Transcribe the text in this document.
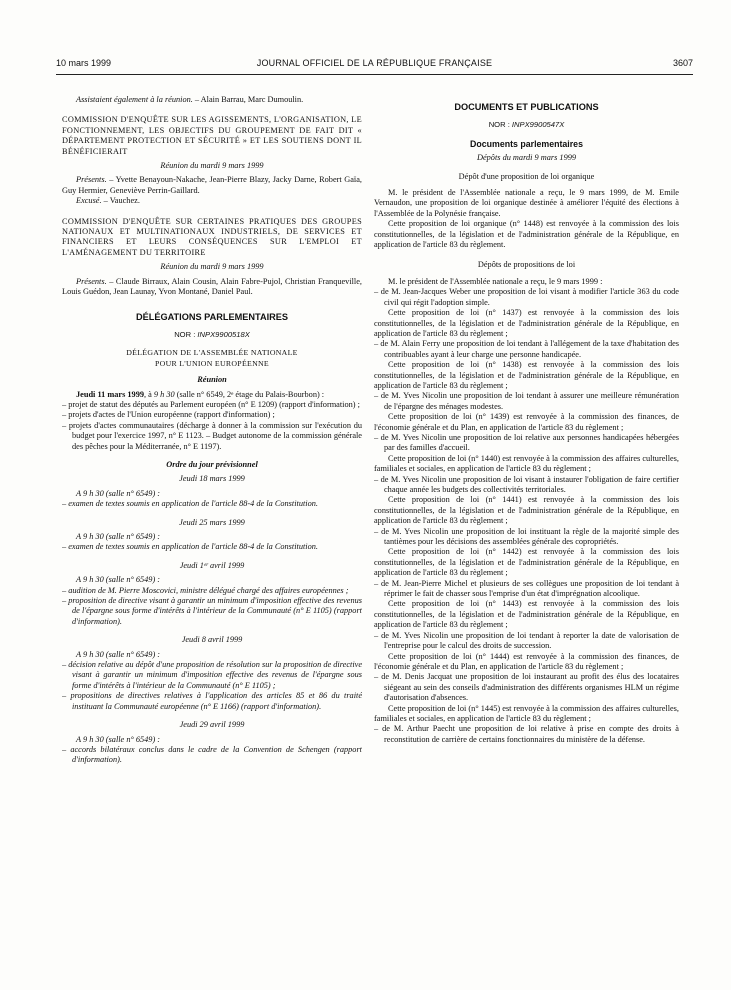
10 mars 1999	JOURNAL OFFICIEL DE LA RÉPUBLIQUE FRANÇAISE	3607

Assistaient également à la réunion. – Alain Barrau, Marc Dumoulin.

COMMISSION D'ENQUÊTE SUR LES AGISSEMENTS, L'ORGANISATION, LE FONCTIONNEMENT, LES OBJECTIFS DU GROUPEMENT DE FAIT DIT « DÉPARTEMENT PROTECTION ET SÉCURITÉ » ET LES SOUTIENS DONT IL BÉNÉFICIERAIT

Réunion du mardi 9 mars 1999

Présents. – Yvette Benayoun-Nakache, Jean-Pierre Blazy, Jacky Darne, Robert Gaïa, Guy Hermier, Geneviève Perrin-Gaillard.

Excusé. – Vauchez.

COMMISSION D'ENQUÊTE SUR CERTAINES PRATIQUES DES GROUPES NATIONAUX ET MULTINATIONAUX INDUSTRIELS, DE SERVICES ET FINANCIERS ET LEURS CONSÉQUENCES SUR L'EMPLOI ET L'AMÉNAGEMENT DU TERRITOIRE

Réunion du mardi 9 mars 1999

Présents. – Claude Birraux, Alain Cousin, Alain Fabre-Pujol, Christian Franqueville, Louis Guédon, Jean Launay, Yvon Montané, Daniel Paul.

DÉLÉGATIONS PARLEMENTAIRES

NOR : INPX9900518X

DÉLÉGATION DE L'ASSEMBLÉE NATIONALE

POUR L'UNION EUROPÉENNE

Réunion

Jeudi 11 mars 1999, à 9 h 30 (salle n° 6549, 2ᵉ étage du Palais-Bourbon) :

– projet de statut des députés au Parlement européen (n° E 1209) (rapport d'information) ;

– projets d'actes de l'Union européenne (rapport d'information) ;

– projets d'actes communautaires (décharge à donner à la commission sur l'exécution du budget pour l'exercice 1997, n° E 1123. – Budget autonome de la commission générale des pêches pour la Méditerranée, n° E 1197).

Ordre du jour prévisionnel

Jeudi 18 mars 1999

A 9 h 30 (salle n° 6549) :

– examen de textes soumis en application de l'article 88-4 de la Constitution.

Jeudi 25 mars 1999

A 9 h 30 (salle n° 6549) :

– examen de textes soumis en application de l'article 88-4 de la Constitution.

Jeudi 1ᵉʳ avril 1999

A 9 h 30 (salle n° 6549) :

– audition de M. Pierre Moscovici, ministre délégué chargé des affaires européennes ;

– proposition de directive visant à garantir un minimum d'imposition effective des revenus de l'épargne sous forme d'intérêts à l'intérieur de la Communauté (n° E 1105) (rapport d'information).

Jeudi 8 avril 1999

A 9 h 30 (salle n° 6549) :

– décision relative au dépôt d'une proposition de résolution sur la proposition de directive visant à garantir un minimum d'imposition effective des revenus de l'épargne sous forme d'intérêts à l'intérieur de la Communauté (n° E 1105) ;

– propositions de directives relatives à l'application des articles 85 et 86 du traité instituant la Communauté européenne (n° E 1166) (rapport d'information).

Jeudi 29 avril 1999

A 9 h 30 (salle n° 6549) :

– accords bilatéraux conclus dans le cadre de la Convention de Schengen (rapport d'information).

DOCUMENTS ET PUBLICATIONS

NOR : INPX9900547X

Documents parlementaires

Dépôts du mardi 9 mars 1999

Dépôt d'une proposition de loi organique

M. le président de l'Assemblée nationale a reçu, le 9 mars 1999, de M. Emile Vernaudon, une proposition de loi organique destinée à améliorer l'équité des élections à l'Assemblée de la Polynésie française.

Cette proposition de loi organique (n° 1448) est renvoyée à la commission des lois constitutionnelles, de la législation et de l'administration générale de la République, en application de l'article 83 du règlement.

Dépôts de propositions de loi

M. le président de l'Assemblée nationale a reçu, le 9 mars 1999 :

– de M. Jean-Jacques Weber une proposition de loi visant à modifier l'article 363 du code civil qui régit l'adoption simple.

Cette proposition de loi (n° 1437) est renvoyée à la commission des lois constitutionnelles, de la législation et de l'administration générale de la République, en application de l'article 83 du règlement ;

– de M. Alain Ferry une proposition de loi tendant à l'allégement de la taxe d'habitation des contribuables ayant à leur charge une personne handicapée.

Cette proposition de loi (n° 1438) est renvoyée à la commission des lois constitutionnelles, de la législation et de l'administration générale de la République, en application de l'article 83 du règlement ;

– de M. Yves Nicolin une proposition de loi tendant à assurer une meilleure rémunération de l'épargne des ménages modestes.

Cette proposition de loi (n° 1439) est renvoyée à la commission des finances, de l'économie générale et du Plan, en application de l'article 83 du règlement ;

– de M. Yves Nicolin une proposition de loi relative aux personnes handicapées hébergées par des familles d'accueil.

Cette proposition de loi (n° 1440) est renvoyée à la commission des affaires culturelles, familiales et sociales, en application de l'article 83 du règlement ;

– de M. Yves Nicolin une proposition de loi visant à instaurer l'obligation de faire certifier chaque année les budgets des collectivités territoriales.

Cette proposition de loi (n° 1441) est renvoyée à la commission des lois constitutionnelles, de la législation et de l'administration générale de la République, en application de l'article 83 du règlement ;

– de M. Yves Nicolin une proposition de loi instituant la règle de la majorité simple des tantièmes pour les décisions des assemblées générale des copropriétés.

Cette proposition de loi (n° 1442) est renvoyée à la commission des lois constitutionnelles, de la législation et de l'administration générale de la République, en application de l'article 83 du règlement ;

– de M. Jean-Pierre Michel et plusieurs de ses collègues une proposition de loi tendant à réprimer le fait de chasser sous l'emprise d'un état d'imprégnation alcoolique.

Cette proposition de loi (n° 1443) est renvoyée à la commission des lois constitutionnelles, de la législation et de l'administration générale de la République, en application de l'article 83 du règlement ;

– de M. Yves Nicolin une proposition de loi tendant à reporter la date de valorisation de l'entreprise pour le calcul des droits de succession.

Cette proposition de loi (n° 1444) est renvoyée à la commission des finances, de l'économie générale et du Plan, en application de l'article 83 du règlement ;

– de M. Denis Jacquat une proposition de loi instaurant au profit des élus des locataires siégeant au sein des conseils d'administration des différents organismes HLM un régime d'autorisation d'absences.

Cette proposition de loi (n° 1445) est renvoyée à la commission des affaires culturelles, familiales et sociales, en application de l'article 83 du règlement ;

– de M. Arthur Paecht une proposition de loi relative à prise en compte des droits à reconstitution de carrière de certains fonctionnaires du ministère de la défense.
